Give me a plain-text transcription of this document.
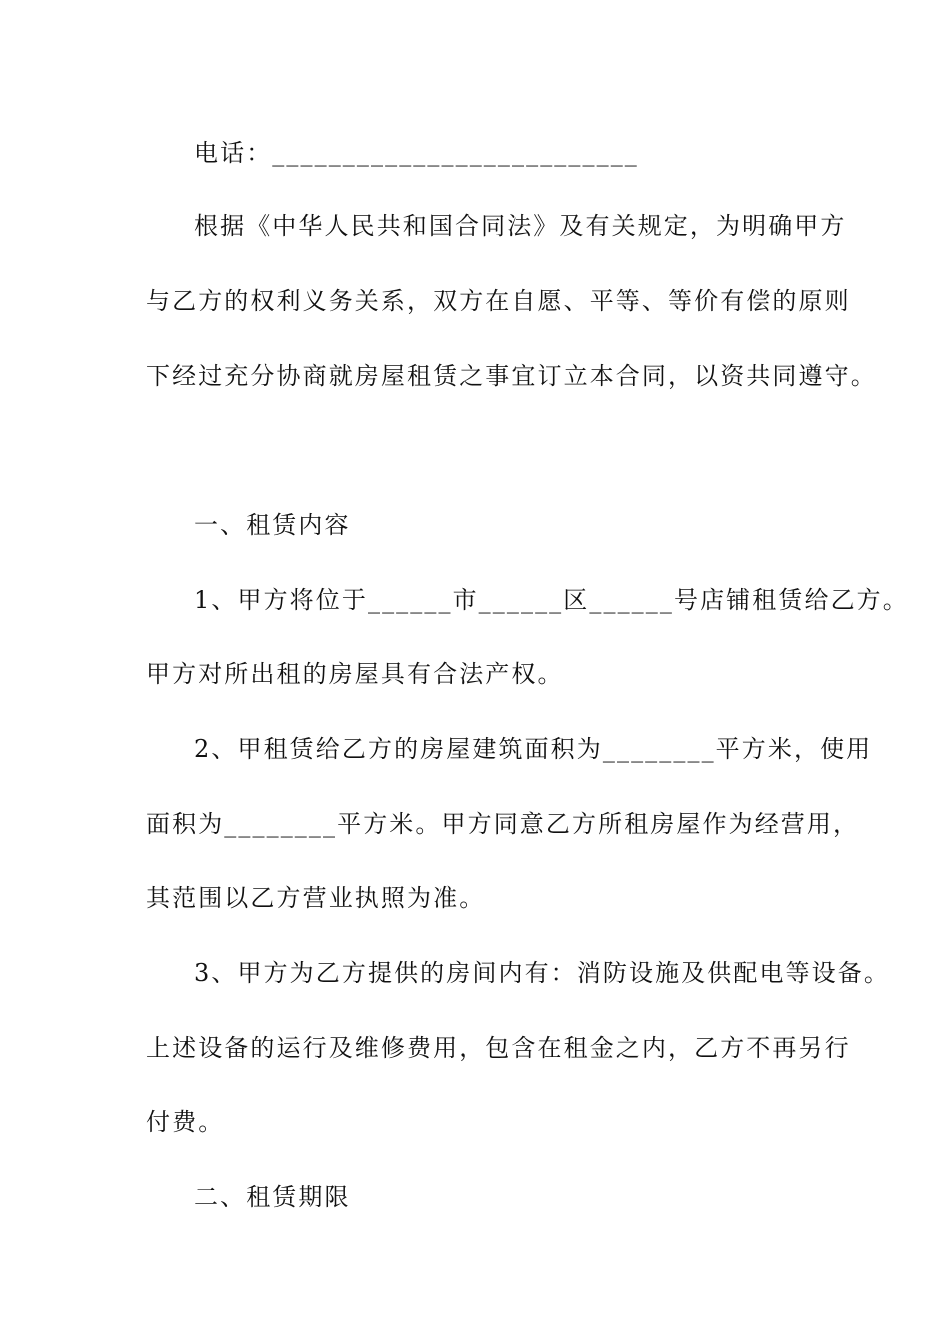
电话：__________________________
根据《中华人民共和国合同法》及有关规定，为明确甲方
与乙方的权利义务关系，双方在自愿、平等、等价有偿的原则
下经过充分协商就房屋租赁之事宜订立本合同，以资共同遵守。
一、租赁内容
1、甲方将位于______市______区______号店铺租赁给乙方。
甲方对所出租的房屋具有合法产权。
2、甲租赁给乙方的房屋建筑面积为________平方米，使用
面积为________平方米。甲方同意乙方所租房屋作为经营用，
其范围以乙方营业执照为准。
3、甲方为乙方提供的房间内有：消防设施及供配电等设备。
上述设备的运行及维修费用，包含在租金之内，乙方不再另行
付费。
二、租赁期限
